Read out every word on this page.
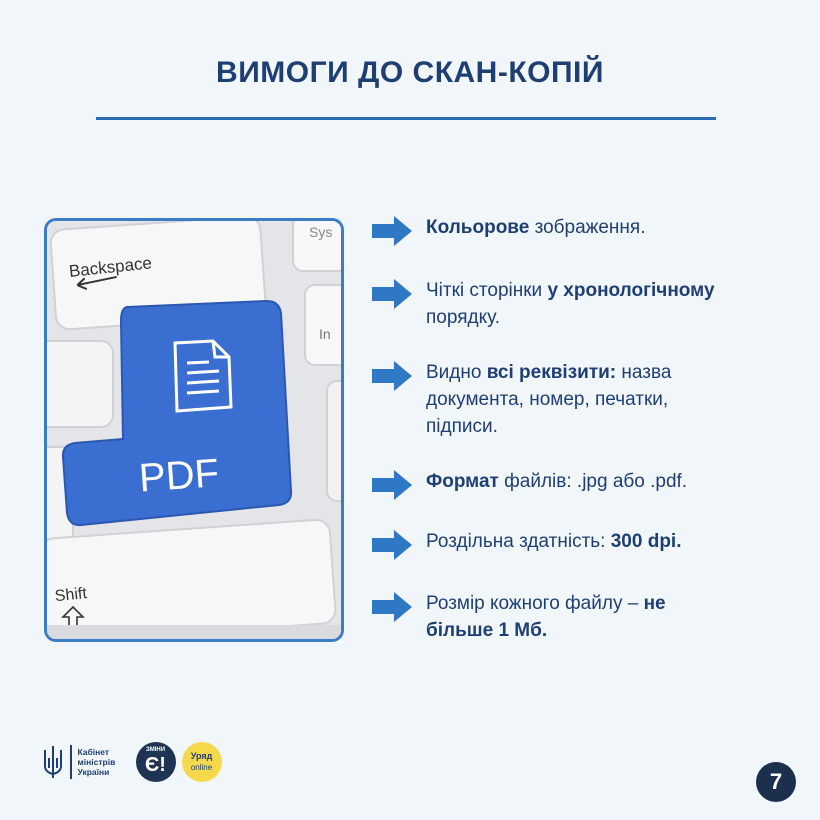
ВИМОГИ ДО СКАН-КОПІЙ
Backspace
Sys
In
PDF
Shift
Кольорове зображення.
Чіткі сторінки у хронологічному порядку.
Видно всі реквізити: назва документа, номер, печатки, підписи.
Формат файлів: .jpg або .pdf.
Роздільна здатність: 300 dpi.
Розмір кожного файлу – не більше 1 Мб.
Кабінет
міністрів
України
ЗМІНИ
Є!	Уряд
online
7
